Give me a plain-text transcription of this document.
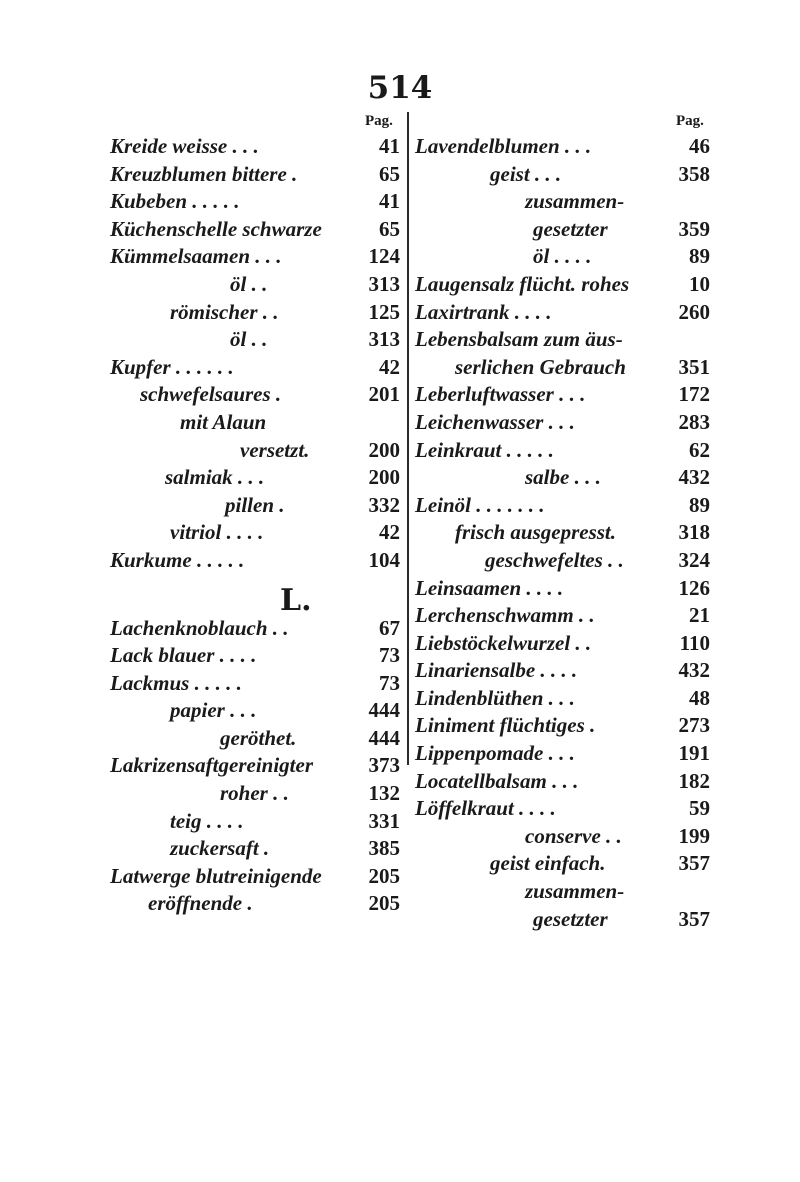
514
Pag.	Pag.
Kreide weisse . . .	41
Kreuzblumen bittere .	65
Kubeben . . . . .	41
Küchenschelle schwarze	65
Kümmelsaamen . . .	124
öl . .	313
römischer . .	125
öl . .	313
Kupfer . . . . . .	42
schwefelsaures .	201
mit Alaun
versetzt.	200
salmiak . . .	200
pillen .	332
vitriol . . . .	42
Kurkume . . . . .	104
L.
Lachenknoblauch . .	67
Lack blauer . . . .	73
Lackmus . . . . .	73
papier . . .	444
geröthet.	444
Lakrizensaftgereinigter	373
roher . .	132
teig . . . .	331
zuckersaft .	385
Latwerge blutreinigende 205
eröffnende .	205
Lavendelblumen . . .	46
geist . . .	358
zusammen-
gesetzter	359
öl . . . .	89
Laugensalz flücht. rohes	10
Laxirtrank . . . .	260
Lebensbalsam zum äus-
serlichen Gebrauch	351
Leberluftwasser . . .	172
Leichenwasser . . .	283
Leinkraut . . . . .	62
salbe . . .	432
Leinöl . . . . . . .	89
frisch ausgepresst.	318
geschwefeltes . .	324
Leinsaamen . . . .	126
Lerchenschwamm . .	21
Liebstöckelwurzel . .	110
Linariensalbe . . . .	432
Lindenblüthen . . .	48
Liniment flüchtiges .	273
Lippenpomade . . .	191
Locatellbalsam . . .	182
Löffelkraut . . . .	59
conserve . .	199
geist einfach.	357
zusammen-
gesetzter	357
